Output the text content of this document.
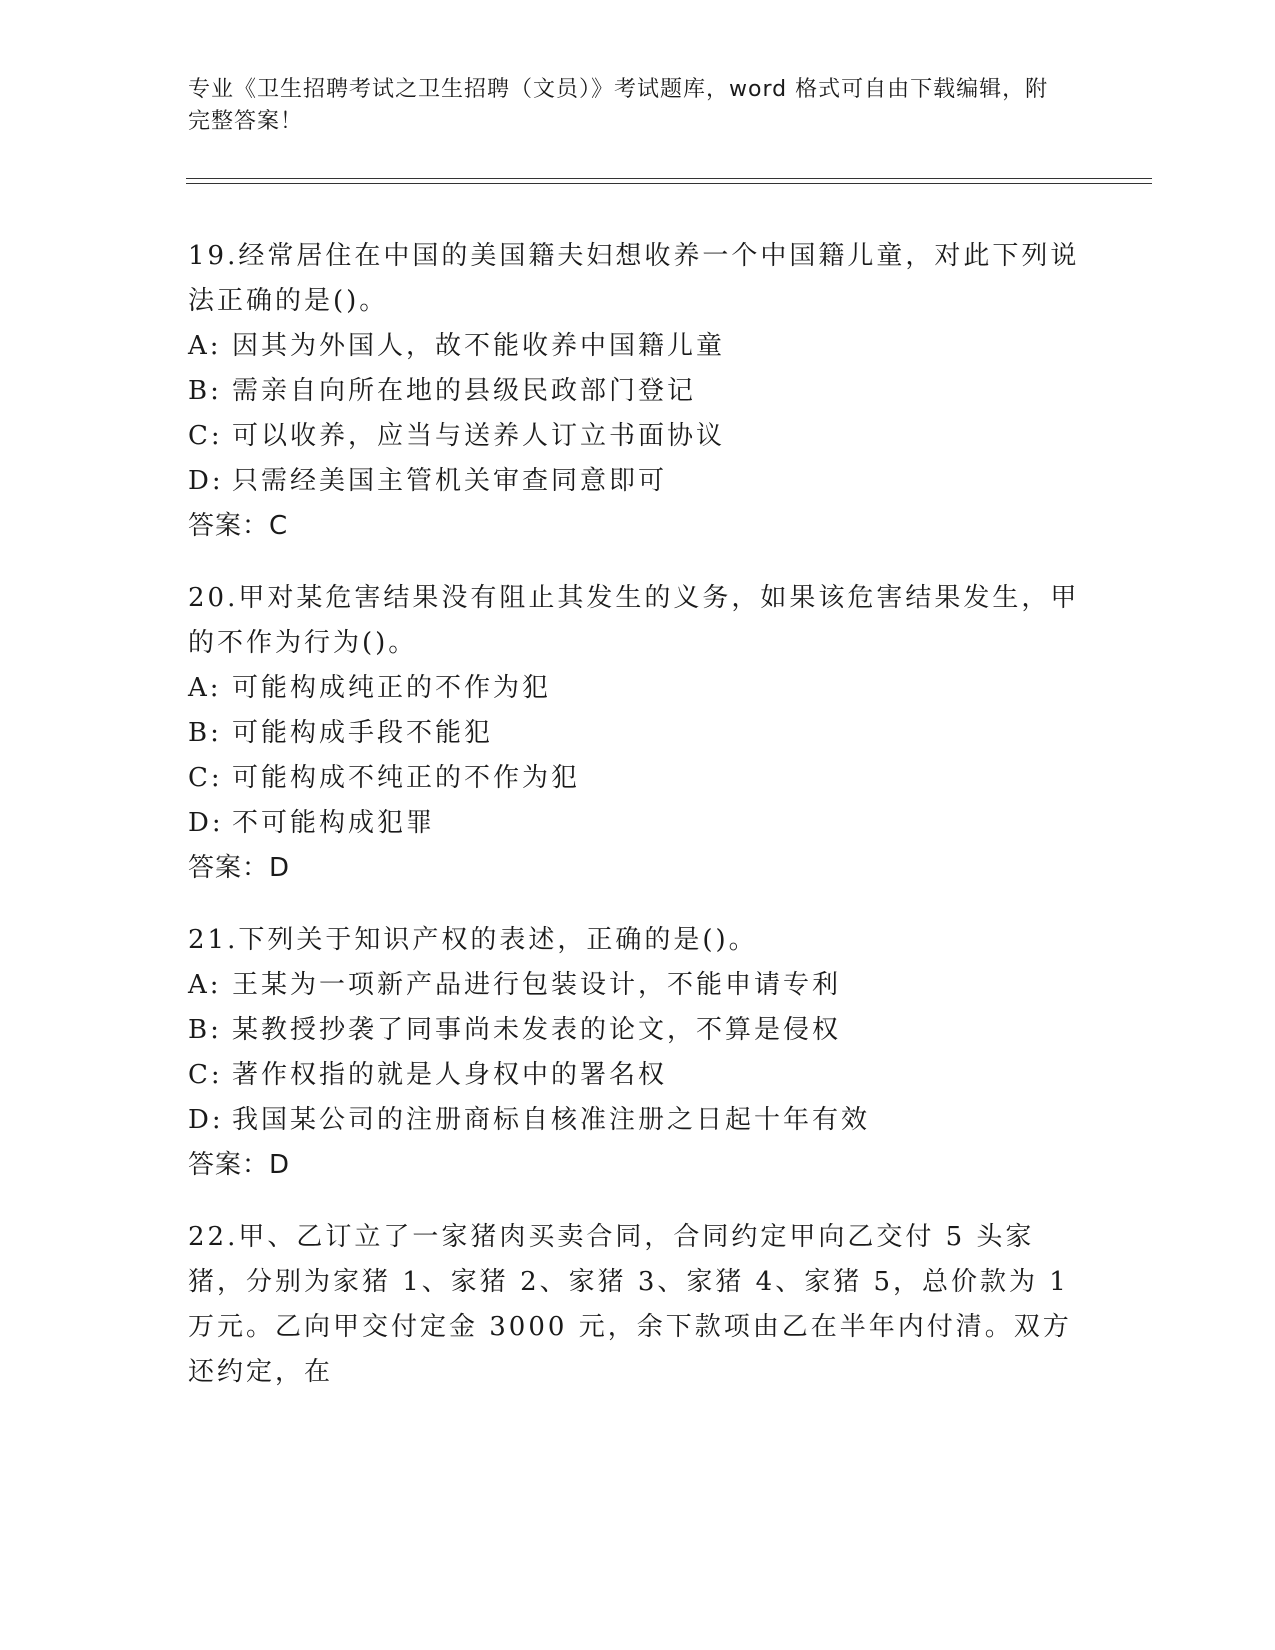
专业《卫生招聘考试之卫生招聘（文员）》考试题库，word 格式可自由下载编辑，附完整答案！

19.经常居住在中国的美国籍夫妇想收养一个中国籍儿童，对此下列说法正确的是()。

A: 因其为外国人，故不能收养中国籍儿童

B: 需亲自向所在地的县级民政部门登记

C: 可以收养，应当与送养人订立书面协议

D: 只需经美国主管机关审查同意即可

答案：C

20.甲对某危害结果没有阻止其发生的义务，如果该危害结果发生，甲的不作为行为()。

A: 可能构成纯正的不作为犯

B: 可能构成手段不能犯

C: 可能构成不纯正的不作为犯

D: 不可能构成犯罪

答案：D

21.下列关于知识产权的表述，正确的是()。

A: 王某为一项新产品进行包装设计，不能申请专利

B: 某教授抄袭了同事尚未发表的论文，不算是侵权

C: 著作权指的就是人身权中的署名权

D: 我国某公司的注册商标自核准注册之日起十年有效

答案：D

22.甲、乙订立了一家猪肉买卖合同，合同约定甲向乙交付 5 头家猪，分别为家猪 1、家猪 2、家猪 3、家猪 4、家猪 5，总价款为 1 万元。乙向甲交付定金 3000 元，余下款项由乙在半年内付清。双方还约定，在
